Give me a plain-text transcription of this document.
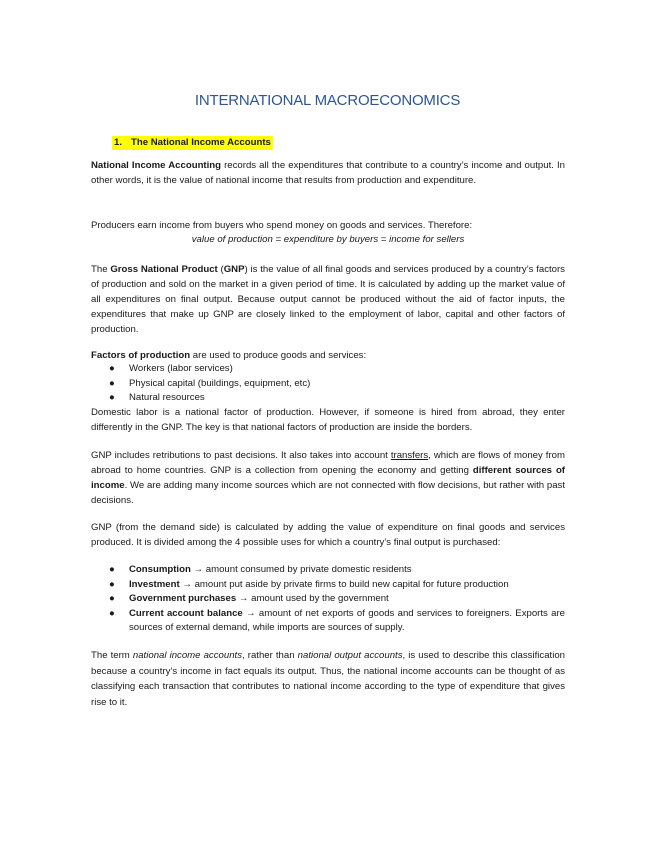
INTERNATIONAL MACROECONOMICS
1. The National Income Accounts

National Income Accounting records all the expenditures that contribute to a country’s income and output. In other words, it is the value of national income that results from production and expenditure.

Producers earn income from buyers who spend money on goods and services. Therefore:

value of production = expenditure by buyers = income for sellers

The Gross National Product (GNP) is the value of all final goods and services produced by a country’s factors of production and sold on the market in a given period of time. It is calculated by adding up the market value of all expenditures on final output. Because output cannot be produced without the aid of factor inputs, the expenditures that make up GNP are closely linked to the employment of labor, capital and other factors of production.

Factors of production are used to produce goods and services:

● Workers (labor services)
● Physical capital (buildings, equipment, etc)
● Natural resources

Domestic labor is a national factor of production. However, if someone is hired from abroad, they enter differently in the GNP. The key is that national factors of production are inside the borders.

GNP includes retributions to past decisions. It also takes into account transfers, which are flows of money from abroad to home countries. GNP is a collection from opening the economy and getting different sources of income. We are adding many income sources which are not connected with flow decisions, but rather with past decisions.

GNP (from the demand side) is calculated by adding the value of expenditure on final goods and services produced. It is divided among the 4 possible uses for which a country’s final output is purchased:

● Consumption → amount consumed by private domestic residents
● Investment → amount put aside by private firms to build new capital for future production
● Government purchases → amount used by the government
● Current account balance → amount of net exports of goods and services to foreigners. Exports are sources of external demand, while imports are sources of supply.

The term national income accounts, rather than national output accounts, is used to describe this classification because a country’s income in fact equals its output. Thus, the national income accounts can be thought of as classifying each transaction that contributes to national income according to the type of expenditure that gives rise to it.
